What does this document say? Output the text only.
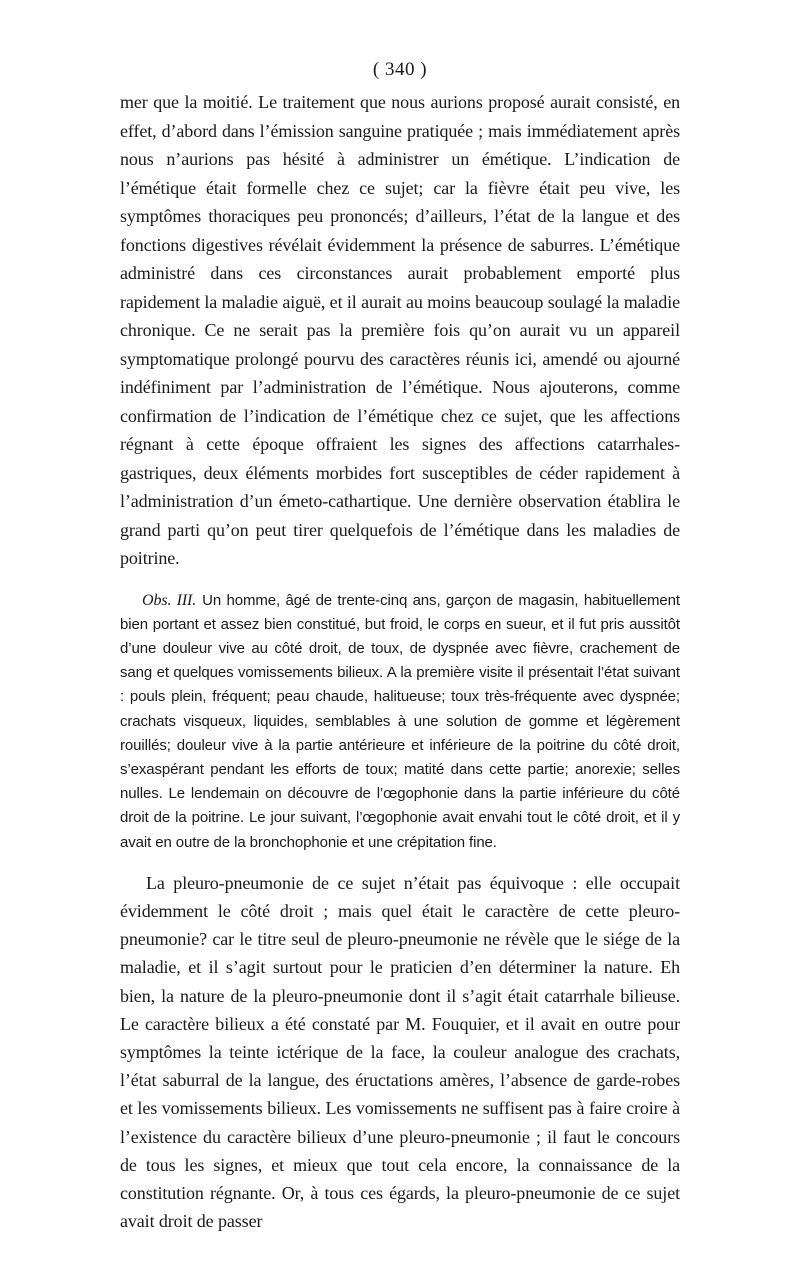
( 340 )

mer que la moitié. Le traitement que nous aurions proposé aurait consisté, en effet, d’abord dans l’émission sanguine pratiquée ; mais immédiatement après nous n’aurions pas hésité à administrer un émétique. L’indication de l’émétique était formelle chez ce sujet; car la fièvre était peu vive, les symptômes thoraciques peu prononcés; d’ailleurs, l’état de la langue et des fonctions digestives révélait évidemment la présence de saburres. L’émétique administré dans ces circonstances aurait probablement emporté plus rapidement la maladie aiguë, et il aurait au moins beaucoup soulagé la maladie chronique. Ce ne serait pas la première fois qu’on aurait vu un appareil symptomatique prolongé pourvu des caractères réunis ici, amendé ou ajourné indéfiniment par l’administration de l’émétique. Nous ajouterons, comme confirmation de l’indication de l’émétique chez ce sujet, que les affections régnant à cette époque offraient les signes des affections catarrhales-gastriques, deux éléments morbides fort susceptibles de céder rapidement à l’administration d’un émeto-cathartique. Une dernière observation établira le grand parti qu’on peut tirer quelquefois de l’émétique dans les maladies de poitrine.

Obs. III. Un homme, âgé de trente-cinq ans, garçon de magasin, habituellement bien portant et assez bien constitué, but froid, le corps en sueur, et il fut pris aussitôt d’une douleur vive au côté droit, de toux, de dyspnée avec fièvre, crachement de sang et quelques vomissements bilieux. A la première visite il présentait l’état suivant : pouls plein, fréquent; peau chaude, halitueuse; toux très-fréquente avec dyspnée; crachats visqueux, liquides, semblables à une solution de gomme et légèrement rouillés; douleur vive à la partie antérieure et inférieure de la poitrine du côté droit, s’exaspérant pendant les efforts de toux; matité dans cette partie; anorexie; selles nulles. Le lendemain on découvre de l’œgophonie dans la partie inférieure du côté droit de la poitrine. Le jour suivant, l’œgophonie avait envahi tout le côté droit, et il y avait en outre de la bronchophonie et une crépitation fine.

La pleuro-pneumonie de ce sujet n’était pas équivoque : elle occupait évidemment le côté droit ; mais quel était le caractère de cette pleuro-pneumonie? car le titre seul de pleuro-pneumonie ne révèle que le siége de la maladie, et il s’agit surtout pour le praticien d’en déterminer la nature. Eh bien, la nature de la pleuro-pneumonie dont il s’agit était catarrhale bilieuse. Le caractère bilieux a été constaté par M. Fouquier, et il avait en outre pour symptômes la teinte ictérique de la face, la couleur analogue des crachats, l’état saburral de la langue, des éructations amères, l’absence de garde-robes et les vomissements bilieux. Les vomissements ne suffisent pas à faire croire à l’existence du caractère bilieux d’une pleuro-pneumonie ; il faut le concours de tous les signes, et mieux que tout cela encore, la connaissance de la constitution régnante. Or, à tous ces égards, la pleuro-pneumonie de ce sujet avait droit de passer
